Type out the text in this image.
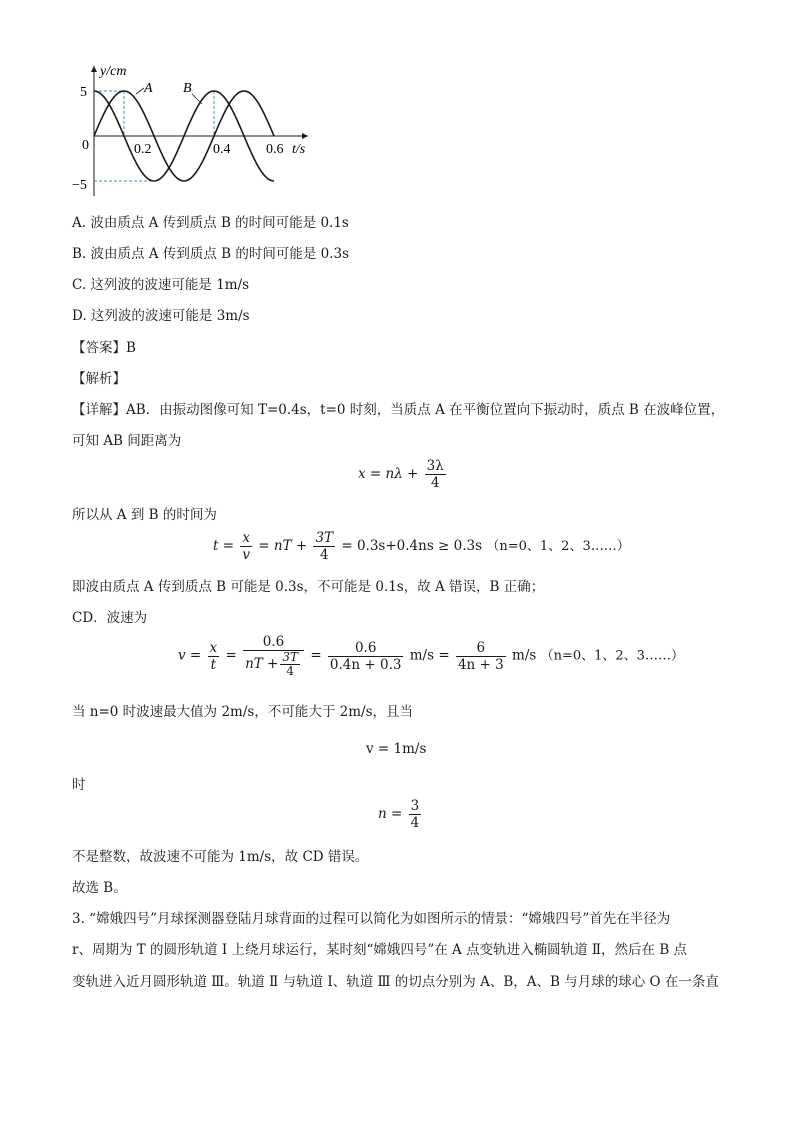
y/cm
t/s
0
5
−5
0.2	0.4	0.6
A B
A. 波由质点 A 传到质点 B 的时间可能是 0.1s
B. 波由质点 A 传到质点 B 的时间可能是 0.3s
C. 这列波的波速可能是 1m/s
D. 这列波的波速可能是 3m/s
【答案】B
【解析】
【详解】AB．由振动图像可知 T=0.4s，t=0 时刻，当质点 A 在平衡位置向下振动时，质点 B 在波峰位置，
可知 AB 间距离为
$x = n\lambda + \frac{3\lambda}{4}$
所以从 A 到 B 的时间为
$t = \frac{x}{v}$ = nT + $\frac{3T}{4} = 0.3s+0.4ns \ge 0.3s$ （n=0、1、2、3……）
即波由质点 A 传到质点 B 可能是 0.3s，不可能是 0.1s，故 A 错误，B 正确；
CD．波速为
$v = \frac{x}{t} = \frac{0.6}{nT + \frac{3T}{4}} = \frac{0.6}{0.4n + 0.3} m/s = \frac{6}{4n + 3} m/s$ （n=0、1、2、3……）
当 n=0 时波速最大值为 2m/s，不可能大于 2m/s，且当
v = 1m/s
时
$n = \frac{3}{4}$
不是整数，故波速不可能为 1m/s，故 CD 错误。
故选 B。
3. “嫦娥四号”月球探测器登陆月球背面的过程可以简化为如图所示的情景：“嫦娥四号”首先在半径为
r、周期为 T 的圆形轨道 I 上绕月球运行，某时刻“嫦娥四号”在 A 点变轨进入椭圆轨道 Ⅱ，然后在 B 点
变轨进入近月圆形轨道 Ⅲ。轨道 Ⅱ 与轨道 I、轨道 Ⅲ 的切点分别为 A、B，A、B 与月球的球心 O 在一条直
